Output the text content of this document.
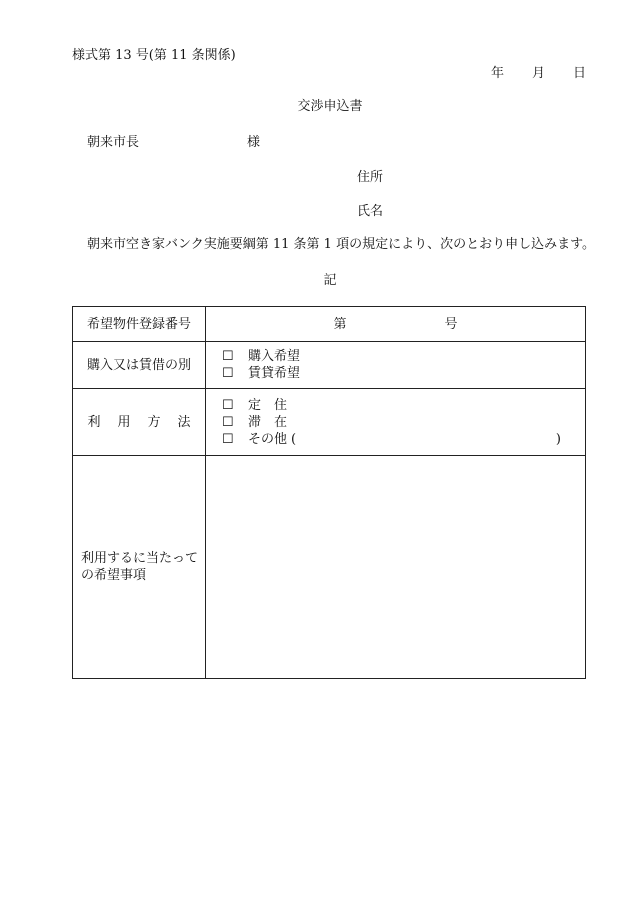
様式第 13 号(第 11 条関係)
年 月 日
交渉申込書
朝来市長	様
住所
氏名
朝来市空き家バンク実施要綱第 11 条第 1 項の規定により、次のとおり申し込みます。
記
希望物件登録番号	第 号

購入又は賃借の別	☐ 購入希望
☐ 賃貸希望

利 用 方 法	☐ 定　住
☐ 滞　在
☐ その他 ( )

利用するに当たっての希望事項	
